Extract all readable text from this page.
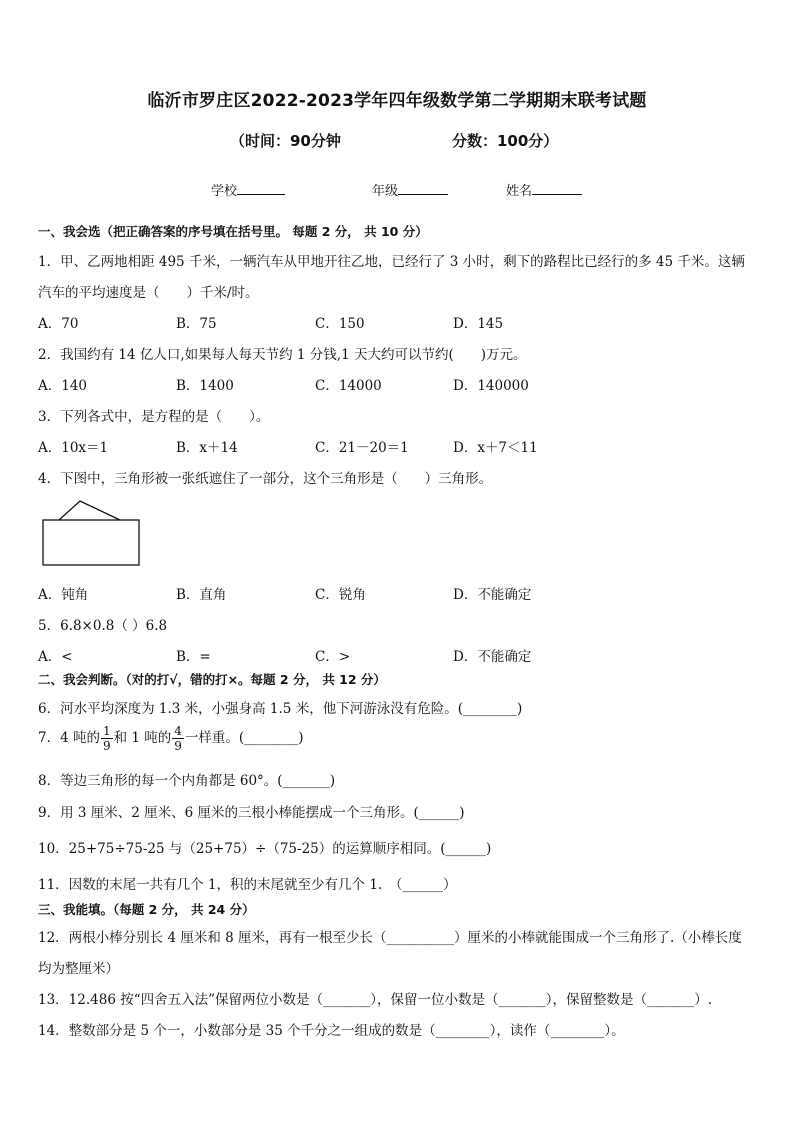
临沂市罗庄区2022-2023学年四年级数学第二学期期末联考试题
（时间：90分钟	分数：100分）
学校	年级	姓名
一、我会选（把正确答案的序号填在括号里。 每题 2 分， 共 10 分）
1．甲、乙两地相距 495 千米，一辆汽车从甲地开往乙地，已经行了 3 小时，剩下的路程比已经行的多 45 千米。这辆
汽车的平均速度是（　　）千米/时。
A．70	B．75	C．150	D．145
2．我国约有 14 亿人口,如果每人每天节约 1 分钱,1 天大约可以节约(　　)万元。
A．140	B．1400	C．14000	D．140000
3．下列各式中，是方程的是（　　）。
A．10x＝1	B．x＋14	C．21－20＝1	D．x＋7＜11
4．下图中，三角形被一张纸遮住了一部分，这个三角形是（　　）三角形。
A．钝角	B．直角	C．锐角	D．不能确定
5．6.8×0.8（ ）6.8
A．<	B．=	C．>	D．不能确定
二、我会判断。（对的打√，错的打×。每题 2 分， 共 12 分）
6．河水平均深度为 1.3 米，小强身高 1.5 米，他下河游泳没有危险。(________)
7．4 吨的 $\frac{1}{9}$ 和 1 吨的 $\frac{4}{9}$ 一样重。(________)
8．等边三角形的每一个内角都是 60°。(_______)
9．用 3 厘米、2 厘米、6 厘米的三根小棒能摆成一个三角形。(______)
10．25+75÷75-25 与（25+75）÷（75-25）的运算顺序相同。(______)
11．因数的末尾一共有几个 1，积的末尾就至少有几个 1.　（______）
三、我能填。（每题 2 分， 共 24 分）
12．两根小棒分别长 4 厘米和 8 厘米，再有一根至少长（__________）厘米的小棒就能围成一个三角形了.（小棒长度
均为整厘米）
13．12.486 按“四舍五入法”保留两位小数是（_______），保留一位小数是（_______），保留整数是（_______）.
14．整数部分是 5 个一，小数部分是 35 个千分之一组成的数是（________），读作（________）。
